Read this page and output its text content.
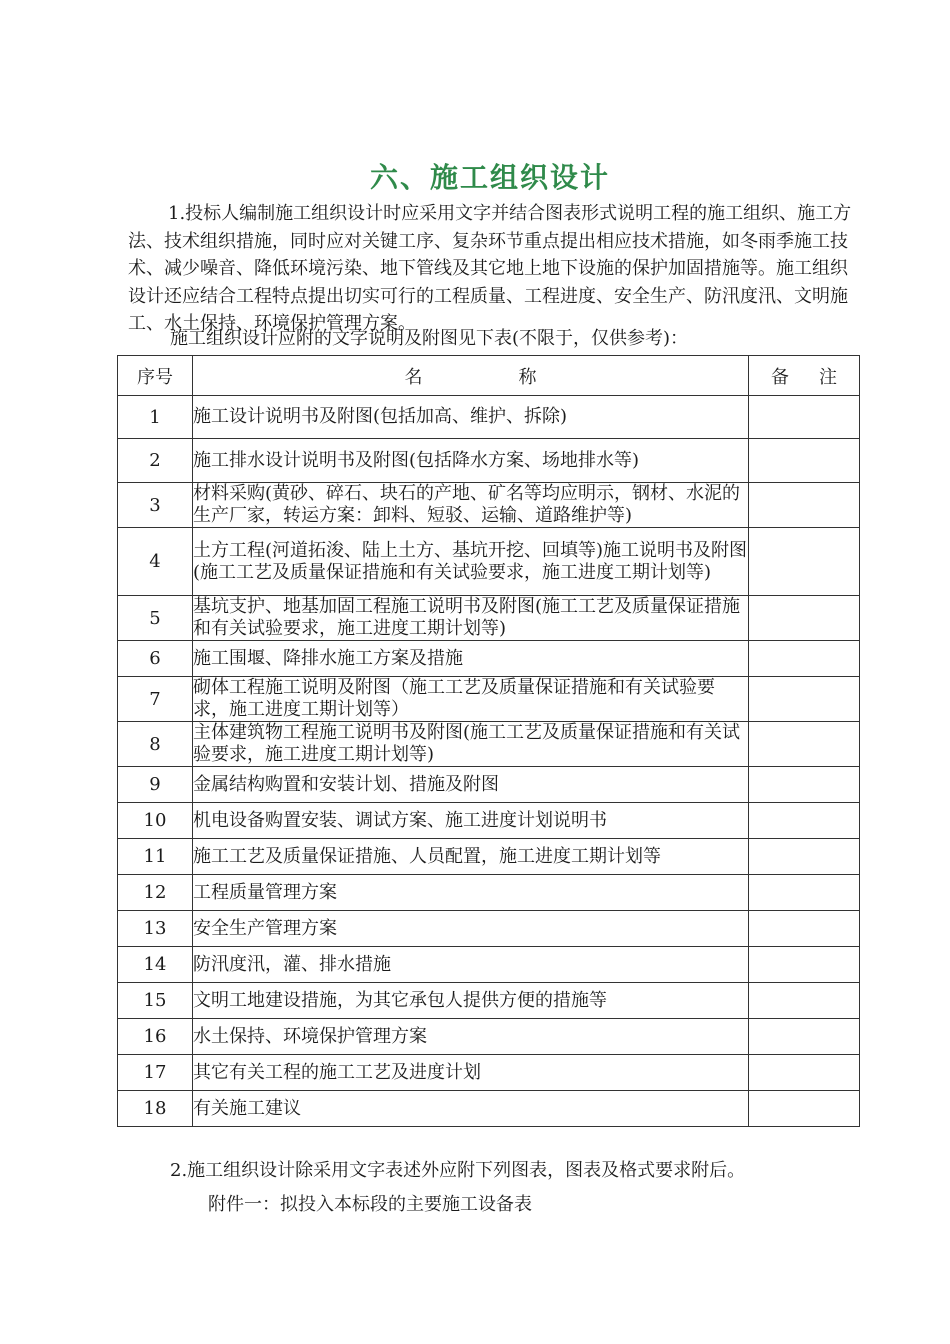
六、施工组织设计
1.投标人编制施工组织设计时应采用文字并结合图表形式说明工程的施工组织、施工方法、技术组织措施，同时应对关键工序、复杂环节重点提出相应技术措施，如冬雨季施工技术、减少噪音、降低环境污染、地下管线及其它地上地下设施的保护加固措施等。施工组织设计还应结合工程特点提出切实可行的工程质量、工程进度、安全生产、防汛度汛、文明施工、水土保持、环境保护管理方案。
施工组织设计应附的文字说明及附图见下表(不限于，仅供参考)：
序号	名 称	备 注
1	施工设计说明书及附图(包括加高、维护、拆除)	
2	施工排水设计说明书及附图(包括降水方案、场地排水等)	
3	材料采购(黄砂、碎石、块石的产地、矿名等均应明示，钢材、水泥的生产厂家，转运方案：卸料、短驳、运输、道路维护等)	
4	土方工程(河道拓浚、陆上土方、基坑开挖、回填等)施工说明书及附图(施工工艺及质量保证措施和有关试验要求，施工进度工期计划等)	
5	基坑支护、地基加固工程施工说明书及附图(施工工艺及质量保证措施和有关试验要求，施工进度工期计划等)	
6	施工围堰、降排水施工方案及措施	
7	砌体工程施工说明及附图（施工工艺及质量保证措施和有关试验要求，施工进度工期计划等）	
8	主体建筑物工程施工说明书及附图(施工工艺及质量保证措施和有关试验要求，施工进度工期计划等)	
9	金属结构购置和安装计划、措施及附图	
10	机电设备购置安装、调试方案、施工进度计划说明书	
11	施工工艺及质量保证措施、人员配置，施工进度工期计划等	
12	工程质量管理方案	
13	安全生产管理方案	
14	防汛度汛，灌、排水措施	
15	文明工地建设措施，为其它承包人提供方便的措施等	
16	水土保持、环境保护管理方案	
17	其它有关工程的施工工艺及进度计划	
18	有关施工建议	
2.施工组织设计除采用文字表述外应附下列图表，图表及格式要求附后。
附件一：拟投入本标段的主要施工设备表
